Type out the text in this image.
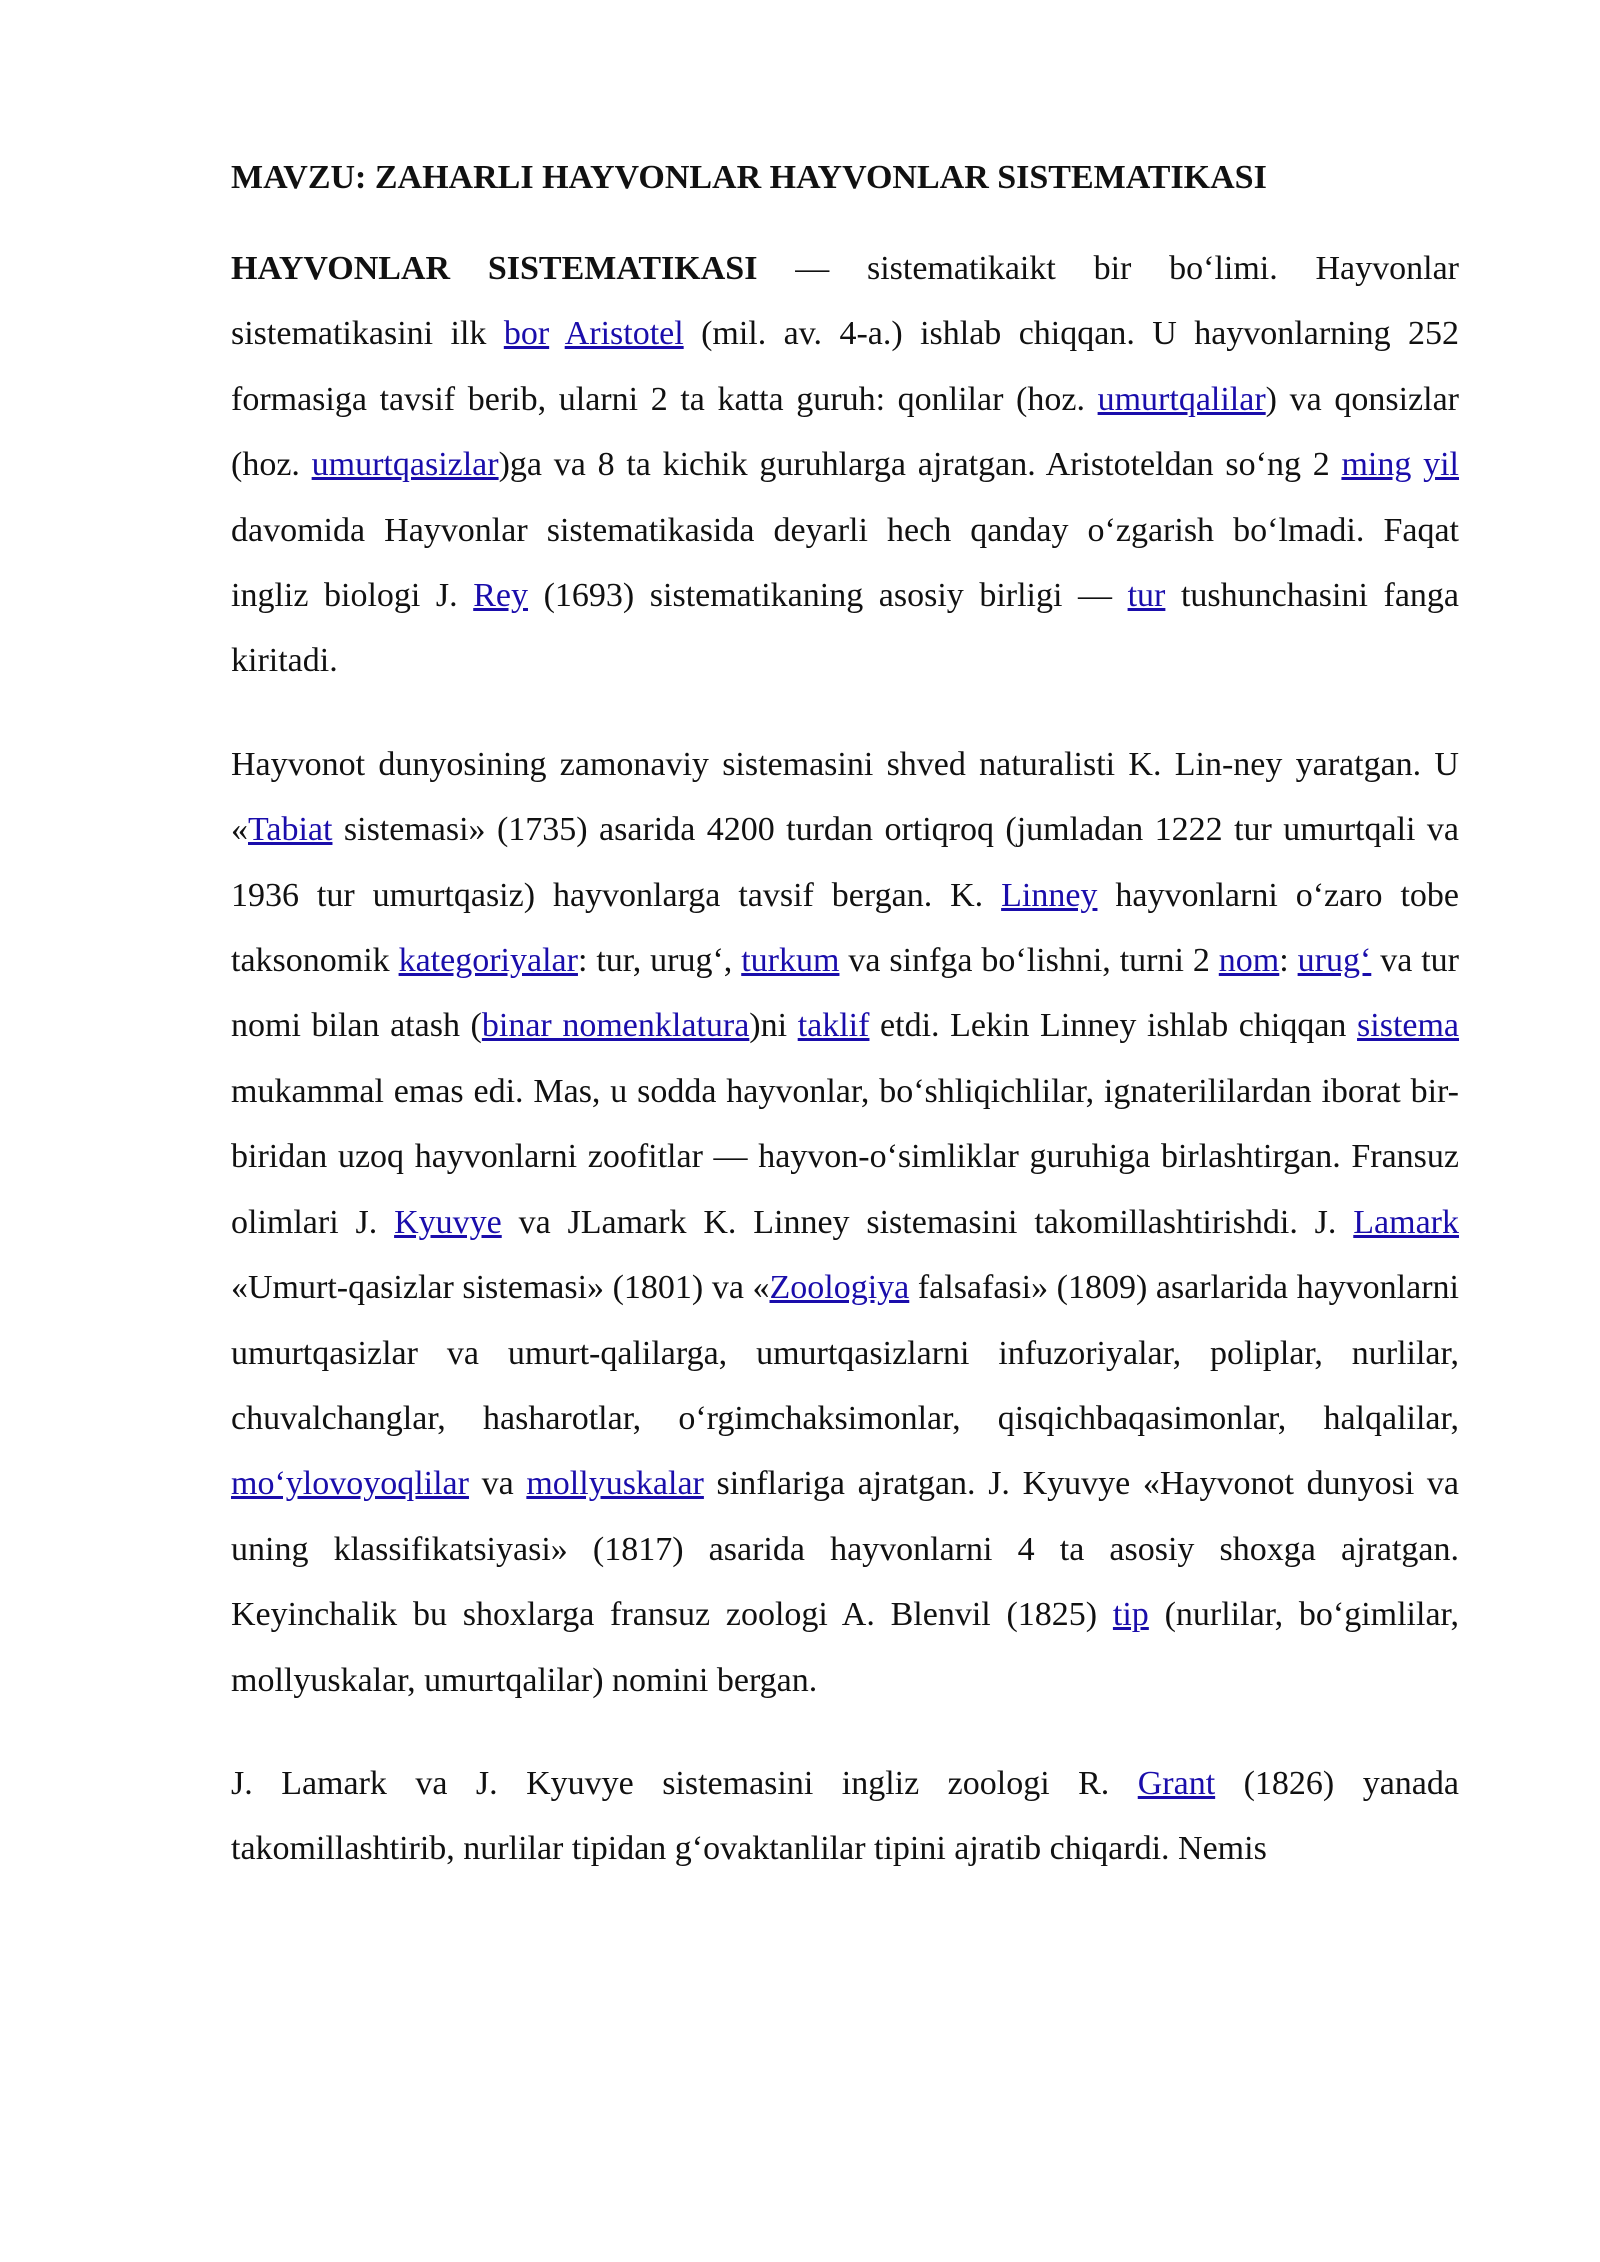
MAVZU: ZAHARLI HAYVONLAR HAYVONLAR SISTEMATIKASI

HAYVONLAR SISTEMATIKASI — sistematikaikt bir bo‘limi. Hayvonlar sistematikasini ilk bor Aristotel (mil. av. 4-a.) ishlab chiqqan. U hayvonlarning 252 formasiga tavsif berib, ularni 2 ta katta guruh: qonlilar (hoz. umurtqalilar) va qonsizlar (hoz. umurtqasizlar)ga va 8 ta kichik guruhlarga ajratgan. Aristoteldan so‘ng 2 ming yil davomida Hayvonlar sistematikasida deyarli hech qanday o‘zgarish bo‘lmadi. Faqat ingliz biologi J. Rey (1693) sistematikaning asosiy birligi — tur tushunchasini fanga kiritadi.

Hayvonot dunyosining zamonaviy sistemasini shved naturalisti K. Lin-ney yaratgan. U «Tabiat sistemasi» (1735) asarida 4200 turdan ortiqroq (jumladan 1222 tur umurtqali va 1936 tur umurtqasiz) hayvonlarga tavsif bergan. K. Linney hayvonlarni o‘zaro tobe taksonomik kategoriyalar: tur, urug‘, turkum va sinfga bo‘lishni, turni 2 nom: urug‘ va tur nomi bilan atash (binar nomenklatura)ni taklif etdi. Lekin Linney ishlab chiqqan sistema mukammal emas edi. Mas, u sodda hayvonlar, bo‘shliqichlilar, ignaterililardan iborat bir-biridan uzoq hayvonlarni zoofitlar — hayvon-o‘simliklar guruhiga birlashtirgan. Fransuz olimlari J. Kyuvye va JLamark K. Linney sistemasini takomillashtirishdi. J. Lamark «Umurt-qasizlar sistemasi» (1801) va «Zoologiya falsafasi» (1809) asarlarida hayvonlarni umurtqasizlar va umurt-qalilarga, umurtqasizlarni infuzoriyalar, poliplar, nurlilar, chuvalchanglar, hasharotlar, o‘rgimchaksimonlar, qisqichbaqasimonlar, halqalilar, mo‘ylovoyoqlilar va mollyuskalar sinflariga ajratgan. J. Kyuvye «Hayvonot dunyosi va uning klassifikatsiyasi» (1817) asarida hayvonlarni 4 ta asosiy shoxga ajratgan. Keyinchalik bu shoxlarga fransuz zoologi A. Blenvil (1825) tip (nurlilar, bo‘gimlilar, mollyuskalar, umurtqalilar) nomini bergan.

J. Lamark va J. Kyuvye sistemasini ingliz zoologi R. Grant (1826) yanada takomillashtirib, nurlilar tipidan g‘ovaktanlilar tipini ajratib chiqardi. Nemis
